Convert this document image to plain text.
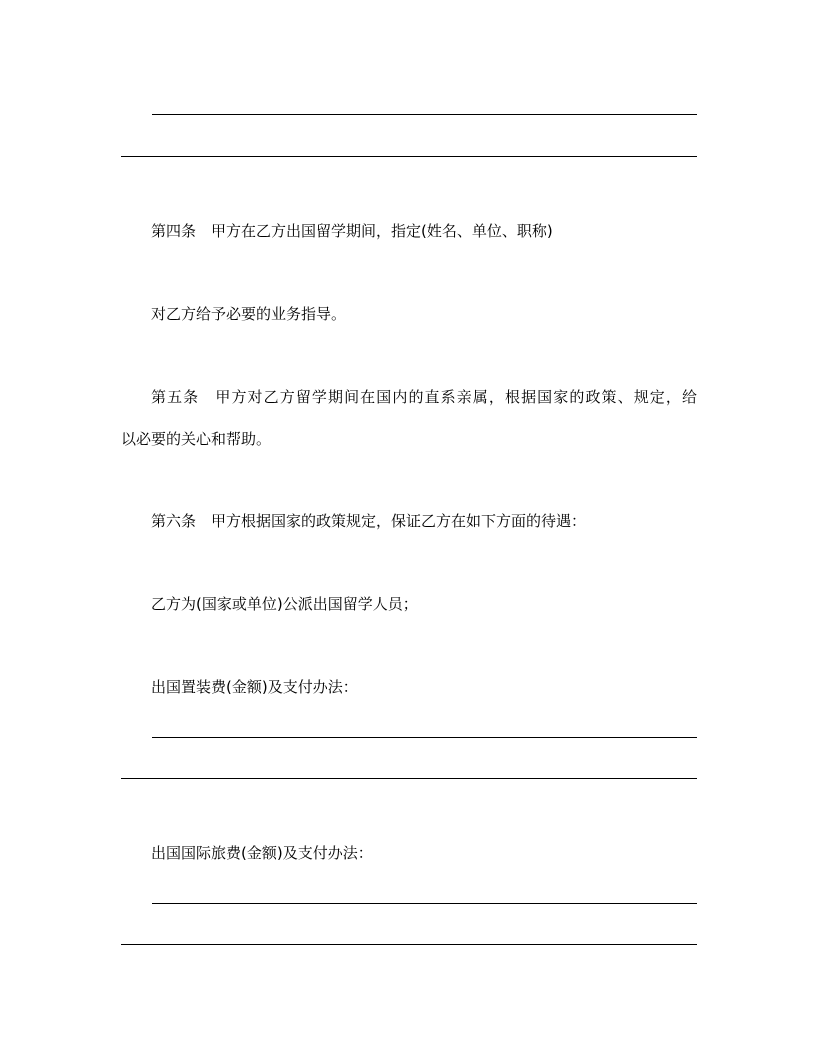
第四条 甲方在乙方出国留学期间，指定(姓名、单位、职称)
对乙方给予必要的业务指导。
第五条 甲方对乙方留学期间在国内的直系亲属，根据国家的政策、规定，给
以必要的关心和帮助。
第六条 甲方根据国家的政策规定，保证乙方在如下方面的待遇：
乙方为(国家或单位)公派出国留学人员；
出国置装费(金额)及支付办法：
出国国际旅费(金额)及支付办法：
